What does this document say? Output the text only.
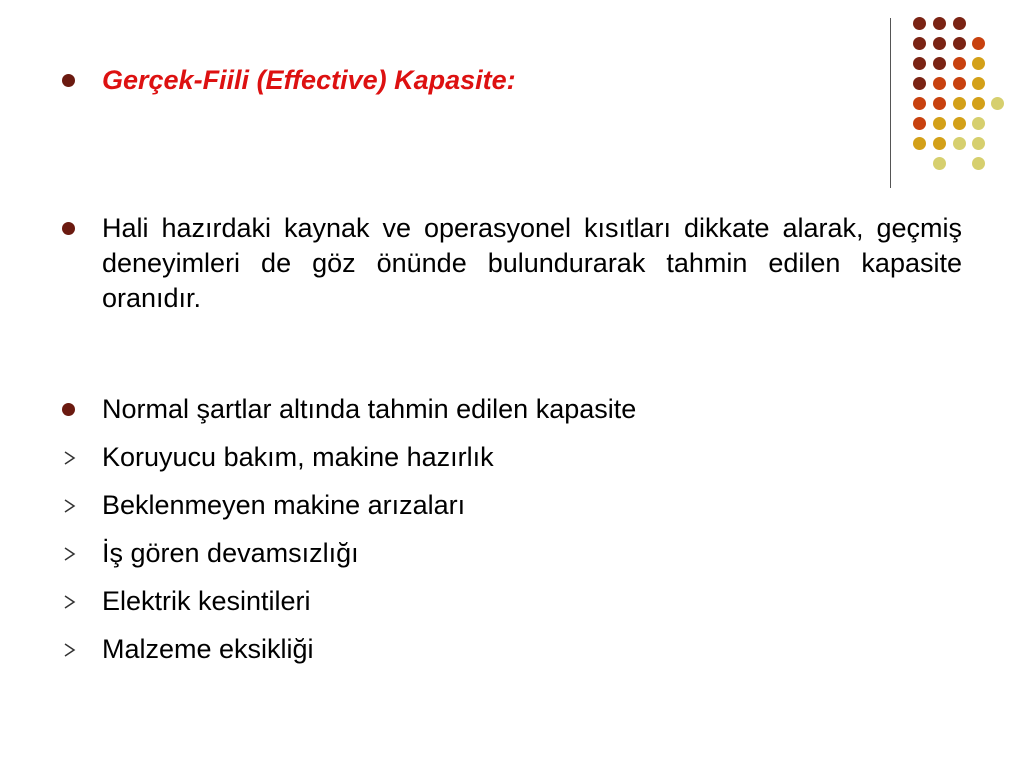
Gerçek-Fiili (Effective) Kapasite:
Hali hazırdaki kaynak ve operasyonel kısıtları dikkate alarak, geçmiş deneyimleri de göz önünde bulundurarak tahmin edilen kapasite oranıdır.
Normal şartlar altında tahmin edilen kapasite
Koruyucu bakım, makine hazırlık
Beklenmeyen makine arızaları
İş gören devamsızlığı
Elektrik kesintileri
Malzeme eksikliği
